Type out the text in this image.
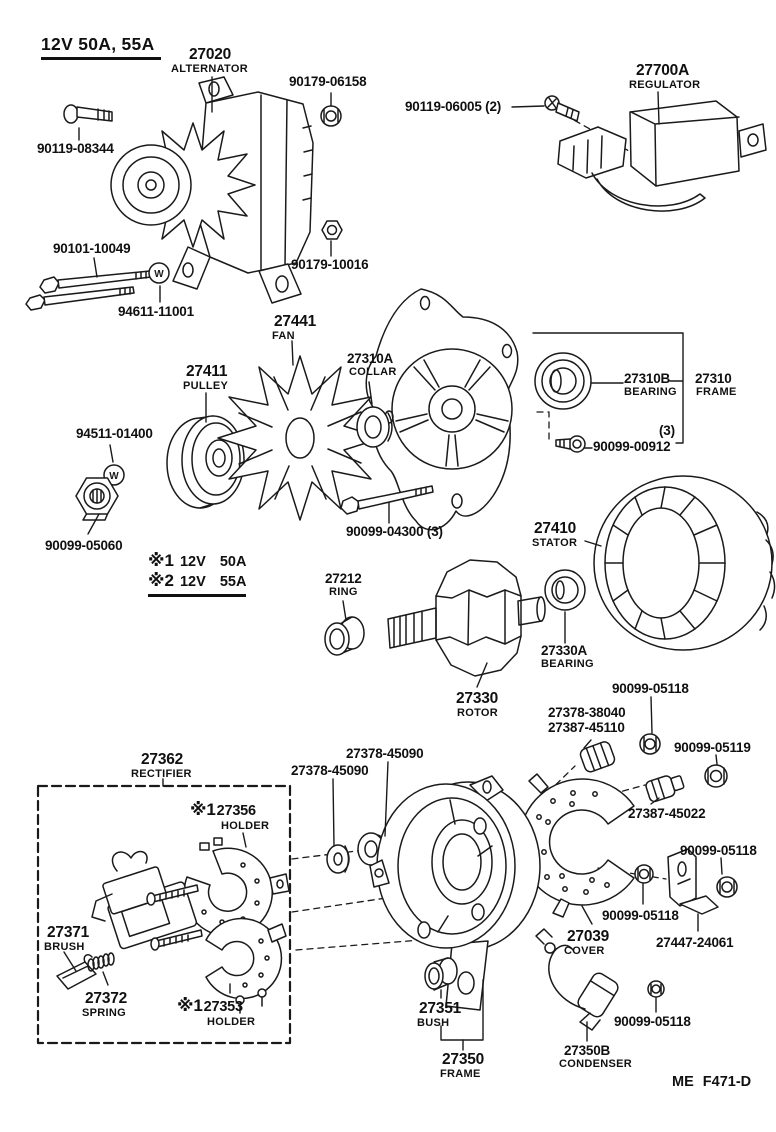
W
W
12V 50A, 55A
27020
ALTERNATOR
90179-06158
90119-06005 (2)
27700A
REGULATOR
90119-08344
90101-10049
90179-10016
94611-11001
27441
FAN
27411
PULLEY
27310A
COLLAR	27310B
BEARING
27310
FRAME
(3)
90099-00912
94511-01400
90099-05060
90099-04300 (3)	27410
STATOR
※1 12V 50A
※2 12V 55A	27212
RING
27330A
BEARING
27330
ROTOR
90099-05118
27378-38040
27387-45110
90099-05119
27362
RECTIFIER
27378-45090
27378-45090
※127356
HOLDER
27387-45022
90099-05118
27371
BRUSH
90099-05118
27039
COVER
27447-24061
27372
SPRING	※127353
HOLDER
27351
BUSH
27350
FRAME
27350B
CONDENSER
90099-05118
ME F471-D
